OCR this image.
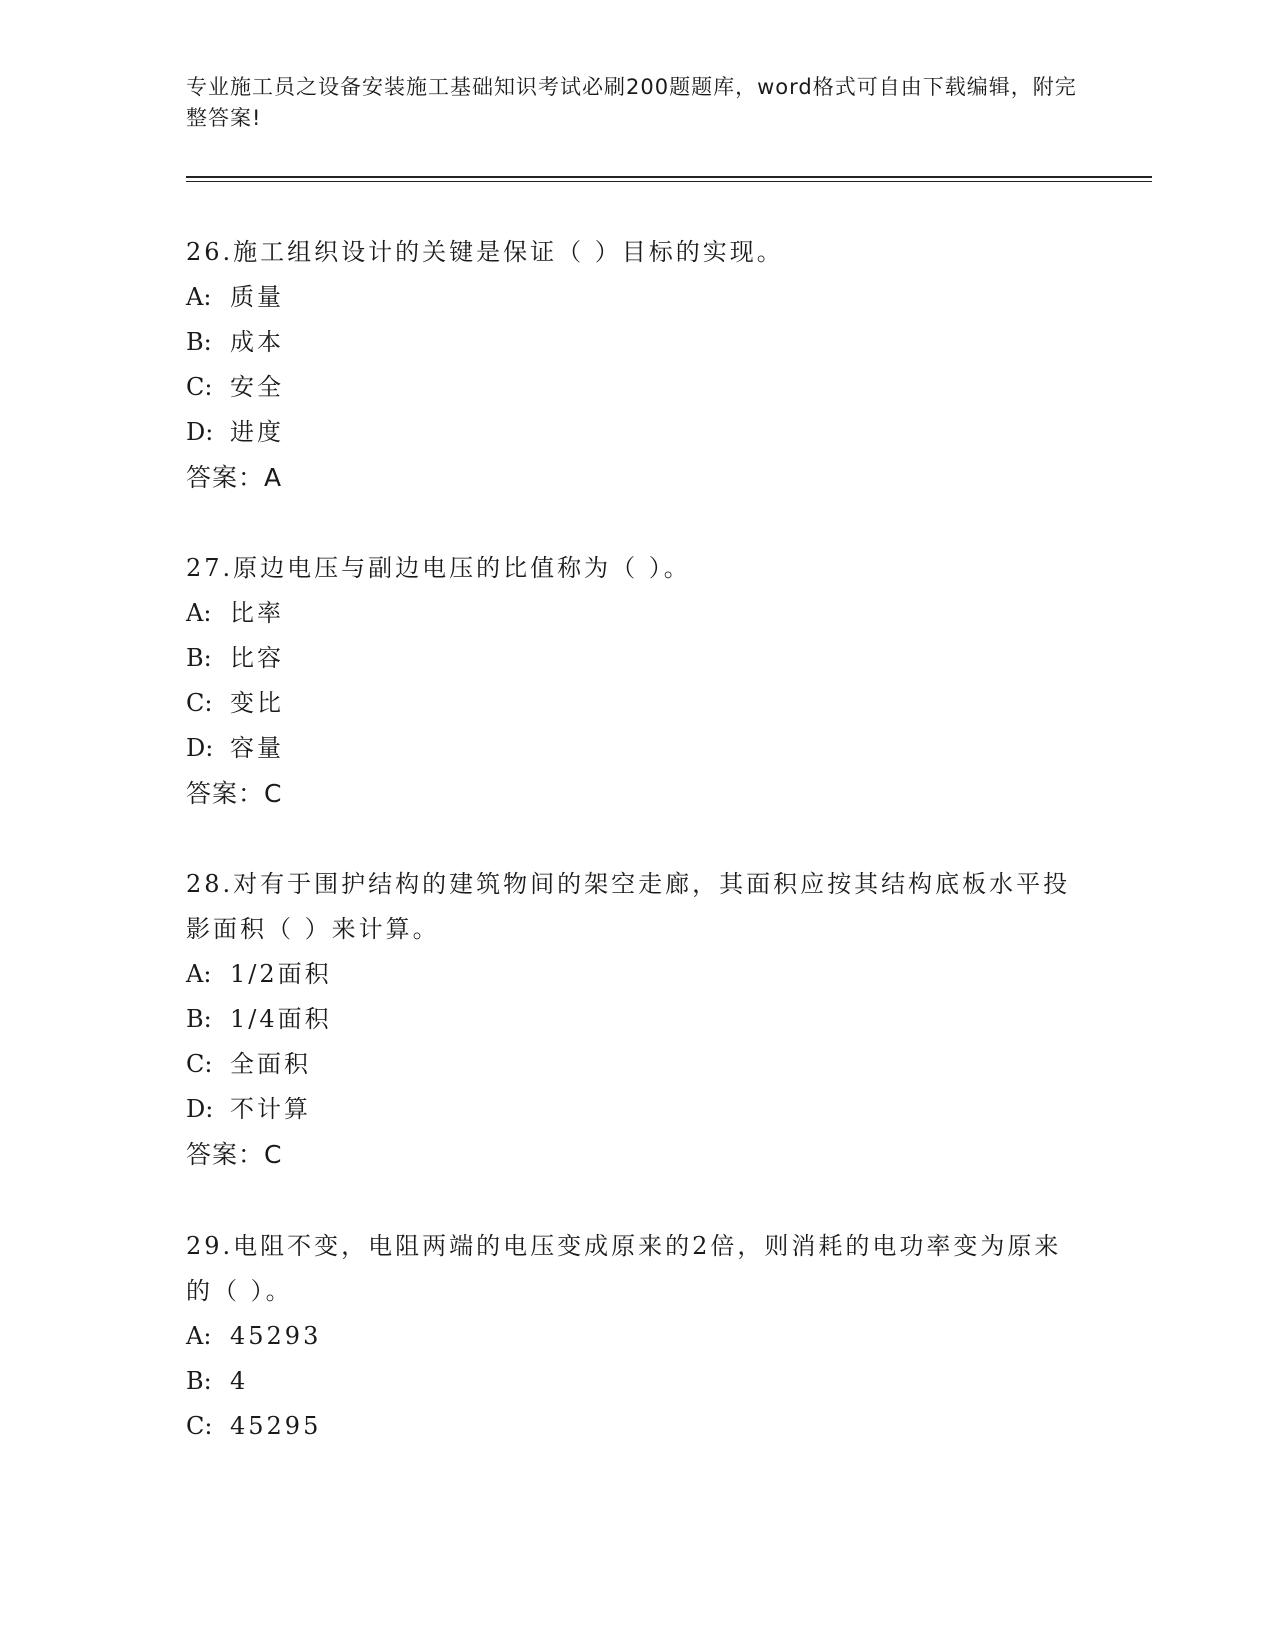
专业施工员之设备安装施工基础知识考试必刷200题题库，word格式可自由下载编辑，附完整答案!

26.施工组织设计的关键是保证（ ）目标的实现。

A: 质量

B: 成本

C: 安全

D: 进度

答案：A

27.原边电压与副边电压的比值称为（ ）。

A: 比率

B: 比容

C: 变比

D: 容量

答案：C

28.对有于围护结构的建筑物间的架空走廊，其面积应按其结构底板水平投影面积（ ）来计算。

A: 1/2面积

B: 1/4面积

C: 全面积

D: 不计算

答案：C

29.电阻不变，电阻两端的电压变成原来的2倍，则消耗的电功率变为原来的（ ）。

A: 45293

B: 4

C: 45295
